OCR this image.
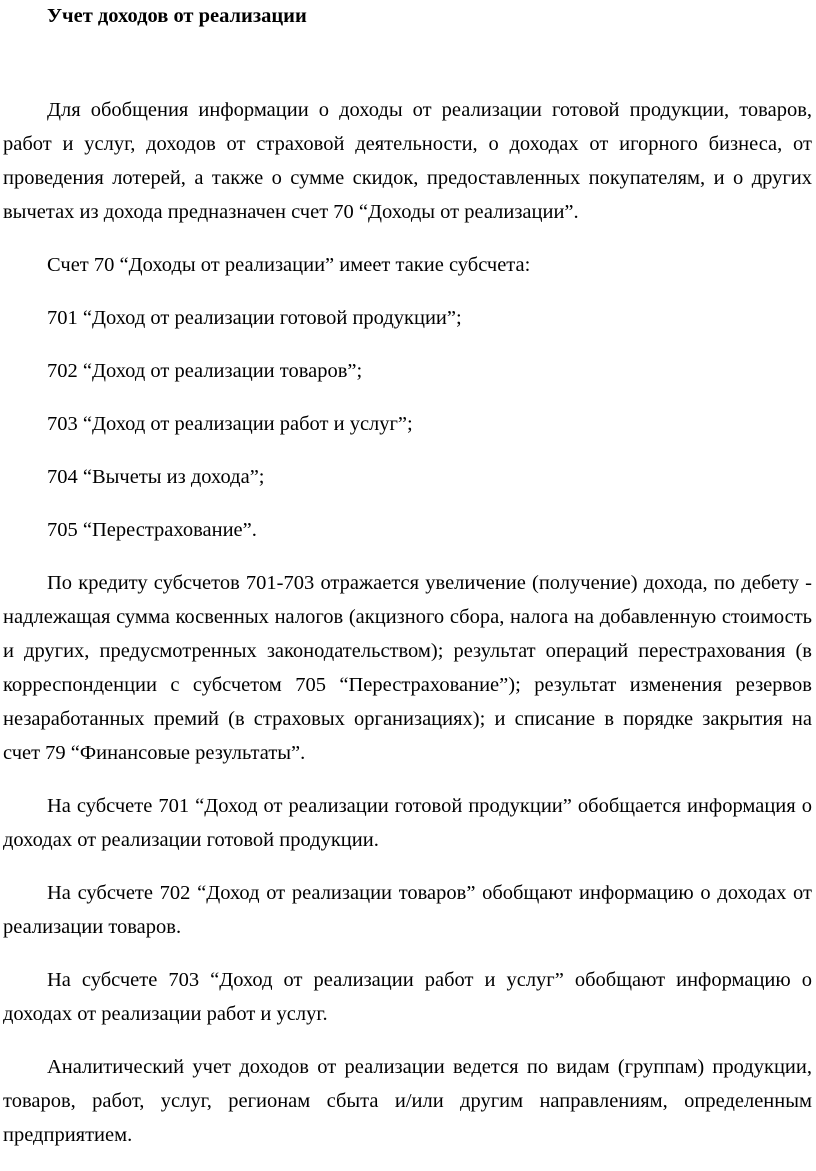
Учет доходов от реализации

Для обобщения информации о доходы от реализации готовой продукции, товаров, работ и услуг, доходов от страховой деятельности, о доходах от игорного бизнеса, от проведения лотерей, а также о сумме скидок, предоставленных покупателям, и о других вычетах из дохода предназначен счет 70 “Доходы от реализации”.

Счет 70 “Доходы от реализации” имеет такие субсчета:

701 “Доход от реализации готовой продукции”;

702 “Доход от реализации товаров”;

703 “Доход от реализации работ и услуг”;

704 “Вычеты из дохода”;

705 “Перестрахование”.

По кредиту субсчетов 701-703 отражается увеличение (получение) дохода, по дебету - надлежащая сумма косвенных налогов (акцизного сбора, налога на добавленную стоимость и других, предусмотренных законодательством); результат операций перестрахования (в корреспонденции с субсчетом 705 “Перестрахование”); результат изменения резервов незаработанных премий (в страховых организациях); и списание в порядке закрытия на счет 79 “Финансовые результаты”.

На субсчете 701 “Доход от реализации готовой продукции” обобщается информация о доходах от реализации готовой продукции.

На субсчете 702 “Доход от реализации товаров” обобщают информацию о доходах от реализации товаров.

На субсчете 703 “Доход от реализации работ и услуг” обобщают информацию о доходах от реализации работ и услуг.

Аналитический учет доходов от реализации ведется по видам (группам) продукции, товаров, работ, услуг, регионам сбыта и/или другим направлениям, определенным предприятием.
